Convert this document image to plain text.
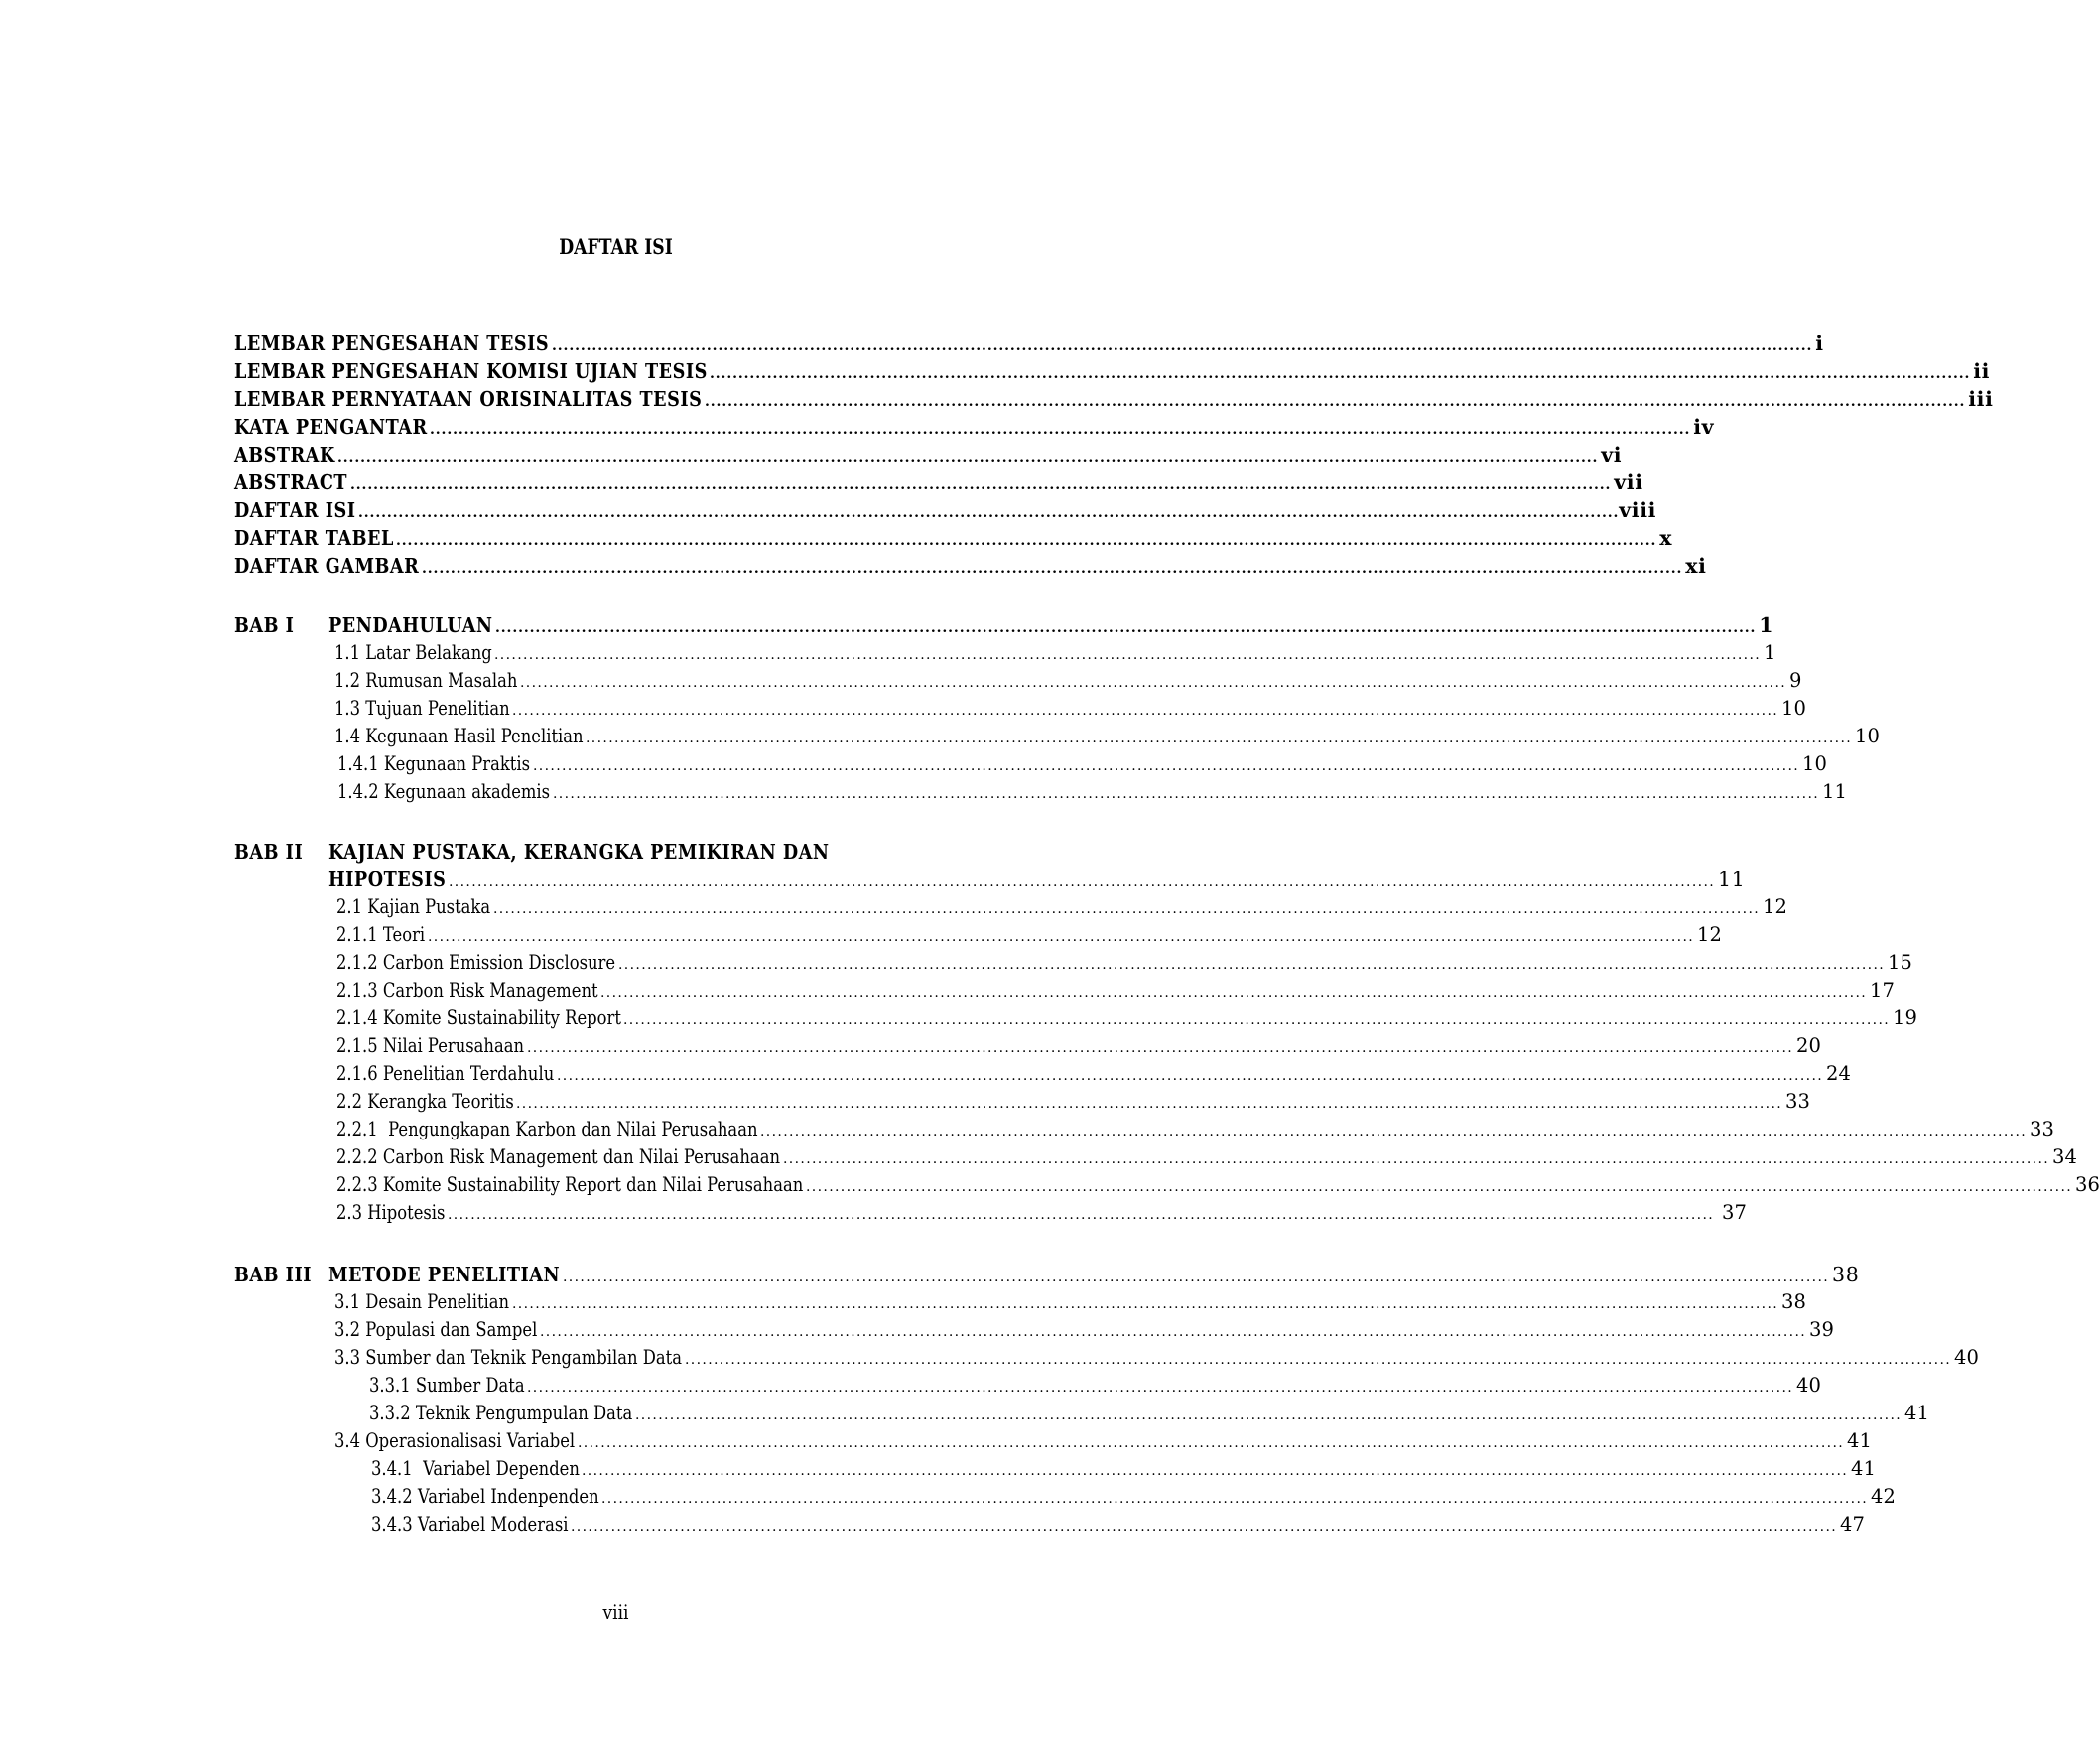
DAFTAR ISI
LEMBAR PENGESAHAN TESIS ............................................................................................................................................................................................................................ i
LEMBAR PENGESAHAN KOMISI UJIAN TESIS ............................................................................................................................................................................................................................ ii
LEMBAR PERNYATAAN ORISINALITAS TESIS ............................................................................................................................................................................................................................ iii
KATA PENGANTAR ............................................................................................................................................................................................................................ iv
ABSTRAK ............................................................................................................................................................................................................................ vi
ABSTRACT ............................................................................................................................................................................................................................ vii
DAFTAR ISI ............................................................................................................................................................................................................................ viii
DAFTAR TABEL ............................................................................................................................................................................................................................ x
DAFTAR GAMBAR ............................................................................................................................................................................................................................ xi
BAB I PENDAHULUAN ............................................................................................................................................................................................................................ 1
1.1 Latar Belakang ............................................................................................................................................................................................................................ 1
1.2 Rumusan Masalah ............................................................................................................................................................................................................................ 9
1.3 Tujuan Penelitian ............................................................................................................................................................................................................................ 10
1.4 Kegunaan Hasil Penelitian ............................................................................................................................................................................................................................ 10
1.4.1 Kegunaan Praktis ............................................................................................................................................................................................................................ 10
1.4.2 Kegunaan akademis ............................................................................................................................................................................................................................ 11
BAB II KAJIAN PUSTAKA, KERANGKA PEMIKIRAN DAN
HIPOTESIS ............................................................................................................................................................................................................................ 11
2.1 Kajian Pustaka ............................................................................................................................................................................................................................ 12
2.1.1 Teori ............................................................................................................................................................................................................................ 12
2.1.2 Carbon Emission Disclosure ............................................................................................................................................................................................................................ 15
2.1.3 Carbon Risk Management ............................................................................................................................................................................................................................ 17
2.1.4 Komite Sustainability Report ............................................................................................................................................................................................................................ 19
2.1.5 Nilai Perusahaan ............................................................................................................................................................................................................................ 20
2.1.6 Penelitian Terdahulu ............................................................................................................................................................................................................................ 24
2.2 Kerangka Teoritis ............................................................................................................................................................................................................................ 33
2.2.1  Pengungkapan Karbon dan Nilai Perusahaan ............................................................................................................................................................................................................................ 33
2.2.2 Carbon Risk Management dan Nilai Perusahaan ............................................................................................................................................................................................................................ 34
2.2.3 Komite Sustainability Report dan Nilai Perusahaan ............................................................................................................................................................................................................................ 36
2.3 Hipotesis ............................................................................................................................................................................................................................ 37
BAB III METODE PENELITIAN ............................................................................................................................................................................................................................ 38
3.1 Desain Penelitian ............................................................................................................................................................................................................................ 38
3.2 Populasi dan Sampel ............................................................................................................................................................................................................................ 39
3.3 Sumber dan Teknik Pengambilan Data ............................................................................................................................................................................................................................ 40
3.3.1 Sumber Data ............................................................................................................................................................................................................................ 40
3.3.2 Teknik Pengumpulan Data ............................................................................................................................................................................................................................ 41
3.4 Operasionalisasi Variabel ............................................................................................................................................................................................................................ 41
3.4.1  Variabel Dependen ............................................................................................................................................................................................................................ 41
3.4.2 Variabel Indenpenden ............................................................................................................................................................................................................................ 42
3.4.3 Variabel Moderasi ............................................................................................................................................................................................................................ 47
viii
